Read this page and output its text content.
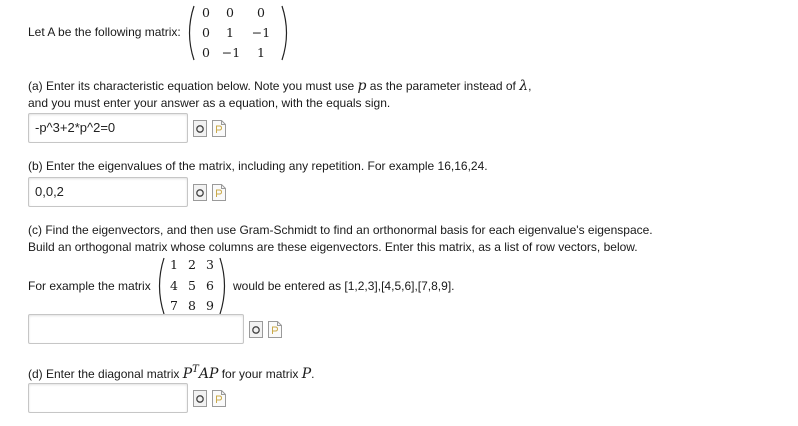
Let A be the following matrix:
0	0	0
0	1	−1
0 −1	1
(a) Enter its characteristic equation below. Note you must use p as the parameter instead of λ,
and you must enter your answer as a equation, with the equals sign.
-p^3+2*p^2=0
(b) Enter the eigenvalues of the matrix, including any repetition. For example 16,16,24.
0,0,2
(c) Find the eigenvectors, and then use Gram-Schmidt to find an orthonormal basis for each eigenvalue's eigenspace.
Build an orthogonal matrix whose columns are these eigenvectors. Enter this matrix, as a list of row vectors, below.
For example the matrix
1 2 3
4 5 6
7 8 9
would be entered as [1,2,3],[4,5,6],[7,8,9].
(d) Enter the diagonal matrix $P^TAP$ for your matrix P.
